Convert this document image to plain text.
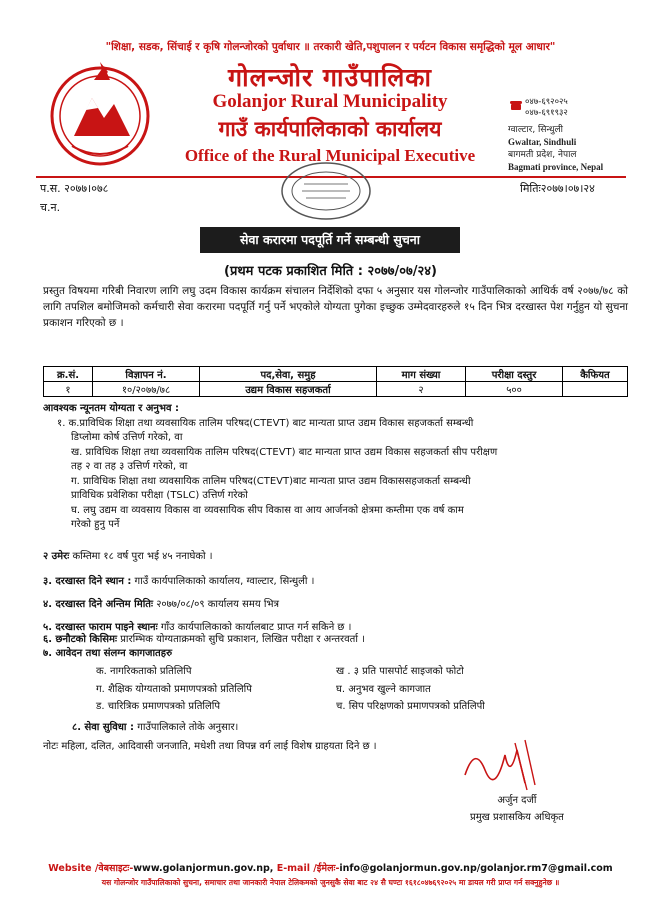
"शिक्षा, सडक, सिंचाई र कृषि गोलन्जोरको पुर्वाधार ॥ तरकारी खेति,पशुपालन र पर्यटन विकास समृद्धिको मूल आधार"
गोलन्जोर गाउँपालिका
Golanjor Rural Municipality
गाउँ कार्यपालिकाको कार्यालय
Office of the Rural Municipal Executive
०४७-६९२०२५
०४७-६९१९३२
ग्वाल्टार, सिन्धुली
Gwaltar, Sindhuli
बागमती प्रदेश, नेपाल
Bagmati province, Nepal
प.स. २०७७।०७८
च.न.
मितिः२०७७।०७।२४
सेवा करारमा पदपूर्ति गर्ने सम्बन्धी सुचना
(प्रथम पटक प्रकाशित मिति : २०७७/०७/२४)
प्रस्तुत विषयमा गरिबी निवारण लागि लघु उदम विकास कार्यक्रम संचालन निर्देशिको दफा ५ अनुसार यस गोलन्जोर गाउँपालिकाको आथिर्क वर्ष २०७७/७८ को लागि तपशिल बमोजिमको कर्मचारी सेवा करारमा पदपूर्ति गर्नु पर्ने भएकोले योग्यता पुगेका इच्छुक उम्मेदवारहरुले १५ दिन भित्र दरखास्त पेश गर्नुहुन यो सुचना प्रकाशन गरिएको छ ।
क्र.सं.	विज्ञापन नं.	पद,सेवा, समुह	माग संख्या	परीक्षा दस्तुर	कैफियत
१	१०/२०७७/७८	उद्यम विकास सहजकर्ता	२	५००	
आवश्यक न्यूनतम योग्यता र अनुभव :
१. क.प्राविधिक शिक्षा तथा व्यवसायिक तालिम परिषद(CTEVT) बाट मान्यता प्राप्त उद्यम विकास सहजकर्ता सम्बन्धी
डिप्लोमा कोर्ष उत्तिर्ण गरेको, वा
ख. प्राविधिक शिक्षा तथा व्यवसायिक तालिम परिषद(CTEVT) बाट मान्यता प्राप्त उद्यम विकास सहजकर्ता सीप परीक्षण
तह २ वा तह ३ उत्तिर्ण गरेको, वा
ग. प्राविधिक शिक्षा तथा व्यवसायिक तालिम परिषद(CTEVT)बाट मान्यता प्राप्त उद्यम विकाससहजकर्ता सम्बन्धी
प्राविधिक प्रवेशिका परीक्षा (TSLC) उत्तिर्ण गरेको
घ. लघु उद्यम वा व्यवसाय विकास वा व्यवसायिक सीप विकास वा आय आर्जनको क्षेत्रमा कम्तीमा एक वर्ष काम
गरेको हुनु पर्ने
२ उमेरः कम्तिमा १८ वर्ष पुरा भई ४५ ननाघेको ।
३. दरखास्त दिने स्थान : गाउँ कार्यपालिकाको कार्यालय, ग्वाल्टार, सिन्धुली ।
४. दरखास्त दिने अन्तिम मितिः २०७७/०८/०९ कार्यालय समय भित्र
५. दरखास्त फाराम पाइने स्थानः गाँउ कार्यपालिकाको कार्यालबाट प्राप्त गर्न सकिने छ ।
६. छनौटको किसिमः प्रारम्भिक योग्यताक्रमको सुचि प्रकाशन, लिखित परीक्षा र अन्तरवर्ता ।
७. आवेदन तथा संलग्न कागजातहरु
क. नागरिकताको प्रतिलिपि	ख . ३ प्रति पासपोर्ट साइजको फोटो
ग. शैक्षिक योग्यताको प्रमाणपत्रको प्रतिलिपि	घ. अनुभव खुल्ने कागजात
ड. चारित्रिक प्रमाणपत्रको प्रतिलिपि	च. सिप परिक्षणको प्रमाणपत्रको प्रतिलिपी
८. सेवा सुविधा : गाउँपालिकाले तोके अनुसार।
नोटः महिला, दलित, आदिवासी जनजाति, मधेशी तथा विपन्न वर्ग लाई विशेष ग्राहयता दिने छ ।
अर्जुन दर्जी
प्रमुख प्रशासकिय अधिकृत
Website /वेबसाइटः-www.golanjormun.gov.np, E-mail /ईमेलः-info@golanjormun.gov.np/golanjor.rm7@gmail.com
यस गोलन्जोर गाउँपालिकाको सुचना, समाचार तथा जानकारी नेपाल टेलिकमको जुनसुकै सेवा बाट २४ सै घण्टा १६१८०४७६९२०२५ मा डायल गरी प्राप्त गर्न सक्नुहुनेछ ॥
